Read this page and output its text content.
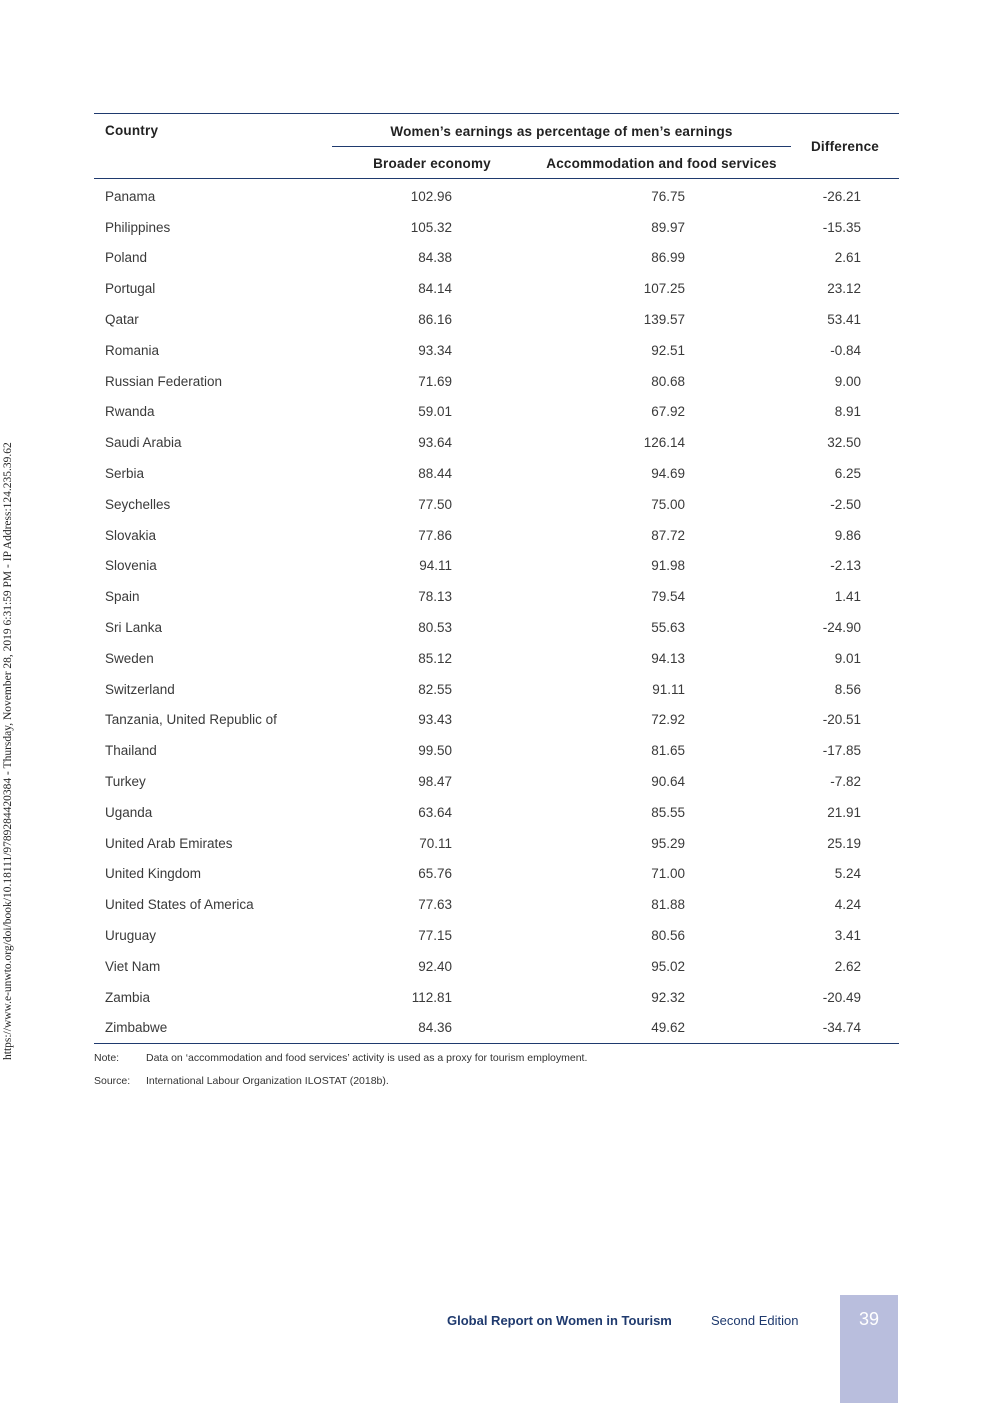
https://www.e-unwto.org/doi/book/10.18111/9789284420384 - Thursday, November 28, 2019 6:31:59 PM - IP Address:124.235.39.62
Country	Women’s earnings as percentage of men’s earnings		Difference
	Broader economy	Accommodation and food services	
Panama	102.96	76.75	-26.21
Philippines	105.32	89.97	-15.35
Poland	84.38	86.99	2.61
Portugal	84.14	107.25	23.12
Qatar	86.16	139.57	53.41
Romania	93.34	92.51	-0.84
Russian Federation	71.69	80.68	9.00
Rwanda	59.01	67.92	8.91
Saudi Arabia	93.64	126.14	32.50
Serbia	88.44	94.69	6.25
Seychelles	77.50	75.00	-2.50
Slovakia	77.86	87.72	9.86
Slovenia	94.11	91.98	-2.13
Spain	78.13	79.54	1.41
Sri Lanka	80.53	55.63	-24.90
Sweden	85.12	94.13	9.01
Switzerland	82.55	91.11	8.56
Tanzania, United Republic of	93.43	72.92	-20.51
Thailand	99.50	81.65	-17.85
Turkey	98.47	90.64	-7.82
Uganda	63.64	85.55	21.91
United Arab Emirates	70.11	95.29	25.19
United Kingdom	65.76	71.00	5.24
United States of America	77.63	81.88	4.24
Uruguay	77.15	80.56	3.41
Viet Nam	92.40	95.02	2.62
Zambia	112.81	92.32	-20.49
Zimbabwe	84.36	49.62	-34.74
Note:	Data on ‘accommodation and food services’ activity is used as a proxy for tourism employment.
Source:	International Labour Organization ILOSTAT (2018b).
Global Report on Women in Tourism	Second Edition	39
